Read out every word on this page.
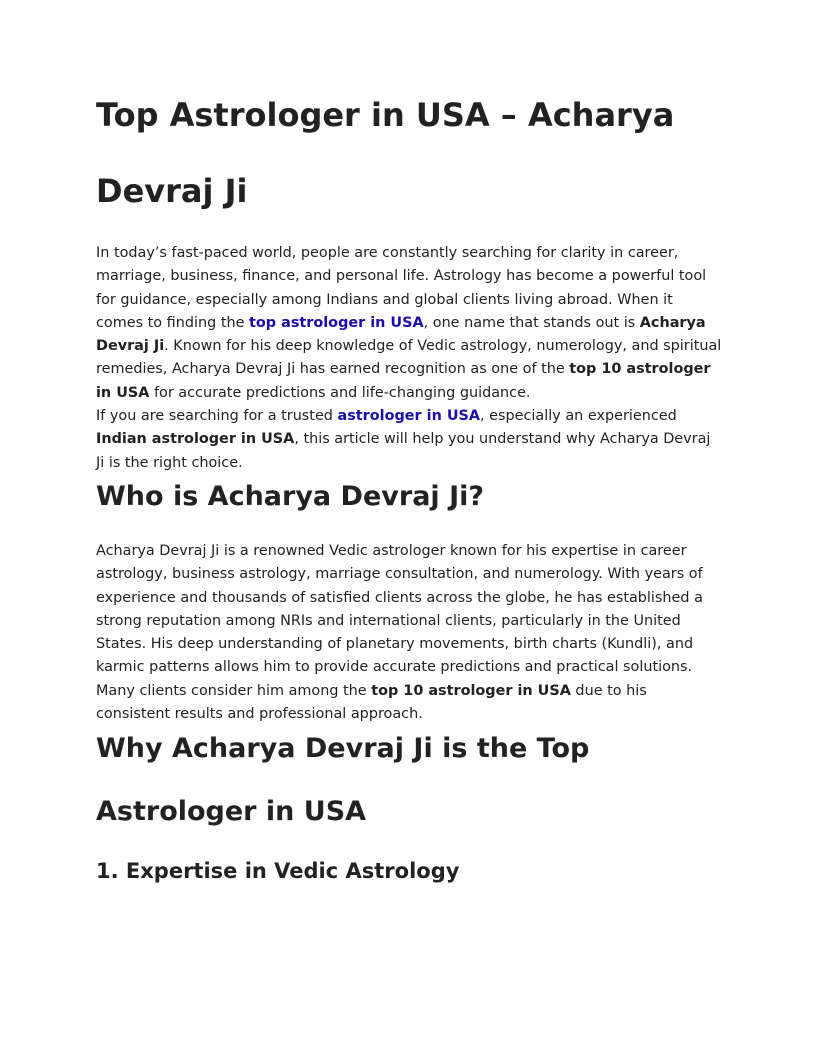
Top Astrologer in USA – Acharya Devraj Ji

In today’s fast-paced world, people are constantly searching for clarity in career, marriage, business, finance, and personal life. Astrology has become a powerful tool for guidance, especially among Indians and global clients living abroad. When it comes to finding the top astrologer in USA, one name that stands out is Acharya Devraj Ji. Known for his deep knowledge of Vedic astrology, numerology, and spiritual remedies, Acharya Devraj Ji has earned recognition as one of the top 10 astrologer in USA for accurate predictions and life-changing guidance.

If you are searching for a trusted astrologer in USA, especially an experienced Indian astrologer in USA, this article will help you understand why Acharya Devraj Ji is the right choice.

Who is Acharya Devraj Ji?

Acharya Devraj Ji is a renowned Vedic astrologer known for his expertise in career astrology, business astrology, marriage consultation, and numerology. With years of experience and thousands of satisfied clients across the globe, he has established a strong reputation among NRIs and international clients, particularly in the United States. His deep understanding of planetary movements, birth charts (Kundli), and karmic patterns allows him to provide accurate predictions and practical solutions. Many clients consider him among the top 10 astrologer in USA due to his consistent results and professional approach.

Why Acharya Devraj Ji is the Top Astrologer in USA
1. Expertise in Vedic Astrology
